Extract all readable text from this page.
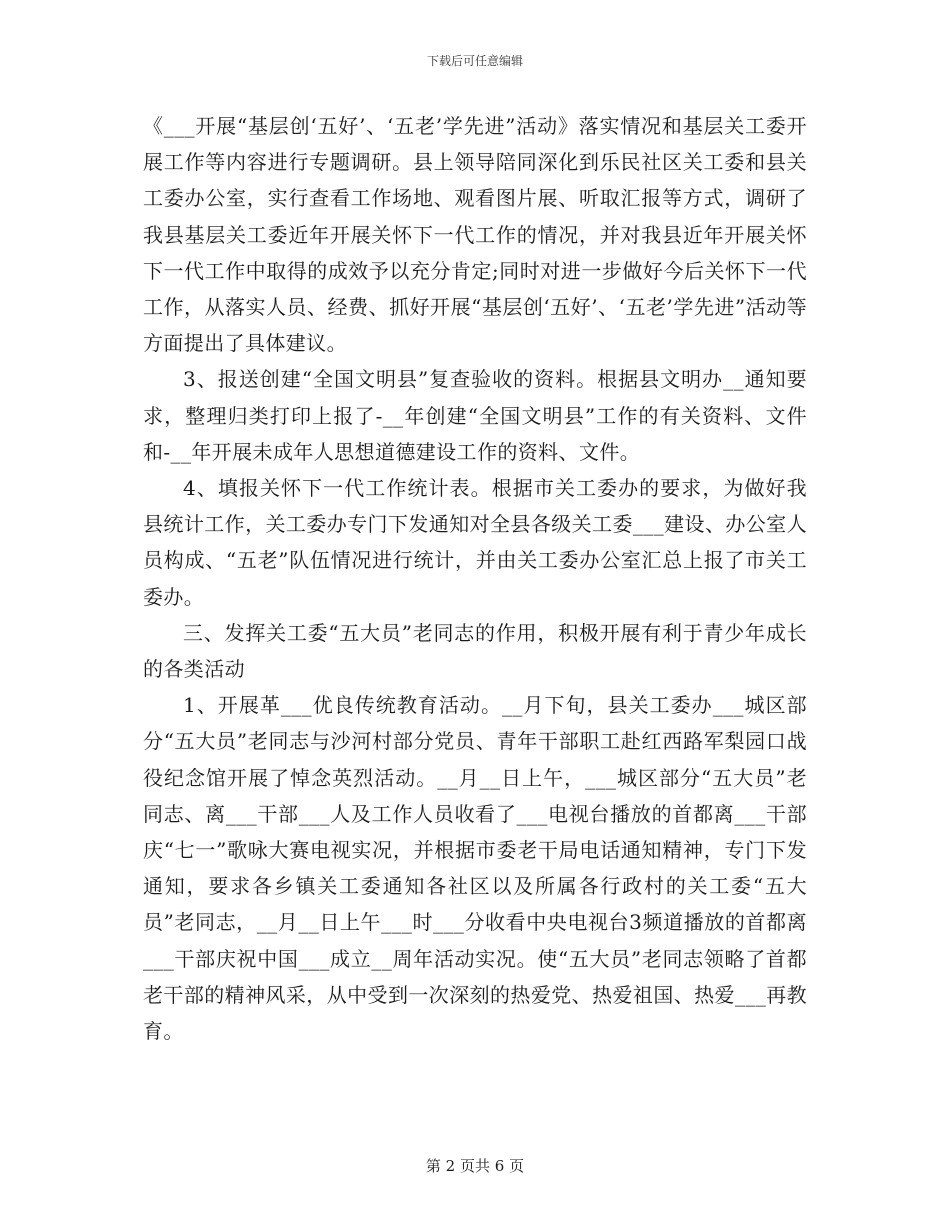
下载后可任意编辑

《___开展“基层创‘五好’、‘五老’学先进”活动》落实情况和基层关工委开展工作等内容进行专题调研。县上领导陪同深化到乐民社区关工委和县关工委办公室，实行查看工作场地、观看图片展、听取汇报等方式，调研了我县基层关工委近年开展关怀下一代工作的情况，并对我县近年开展关怀下一代工作中取得的成效予以充分肯定;同时对进一步做好今后关怀下一代工作，从落实人员、经费、抓好开展“基层创‘五好’、‘五老’学先进”活动等方面提出了具体建议。

3、报送创建“全国文明县”复查验收的资料。根据县文明办__通知要求，整理归类打印上报了-__年创建“全国文明县”工作的有关资料、文件和-__年开展未成年人思想道德建设工作的资料、文件。

4、填报关怀下一代工作统计表。根据市关工委办的要求，为做好我县统计工作，关工委办专门下发通知对全县各级关工委___建设、办公室人员构成、“五老”队伍情况进行统计，并由关工委办公室汇总上报了市关工委办。

三、发挥关工委“五大员”老同志的作用，积极开展有利于青少年成长的各类活动

1、开展革___优良传统教育活动。__月下旬，县关工委办___城区部分“五大员”老同志与沙河村部分党员、青年干部职工赴红西路军梨园口战役纪念馆开展了悼念英烈活动。__月__日上午，___城区部分“五大员”老同志、离___干部___人及工作人员收看了___电视台播放的首都离___干部庆“七一”歌咏大赛电视实况，并根据市委老干局电话通知精神，专门下发通知，要求各乡镇关工委通知各社区以及所属各行政村的关工委“五大员”老同志，__月__日上午___时___分收看中央电视台3频道播放的首都离___干部庆祝中国___成立__周年活动实况。使“五大员”老同志领略了首都老干部的精神风采，从中受到一次深刻的热爱党、热爱祖国、热爱___再教育。

第 2 页共 6 页
